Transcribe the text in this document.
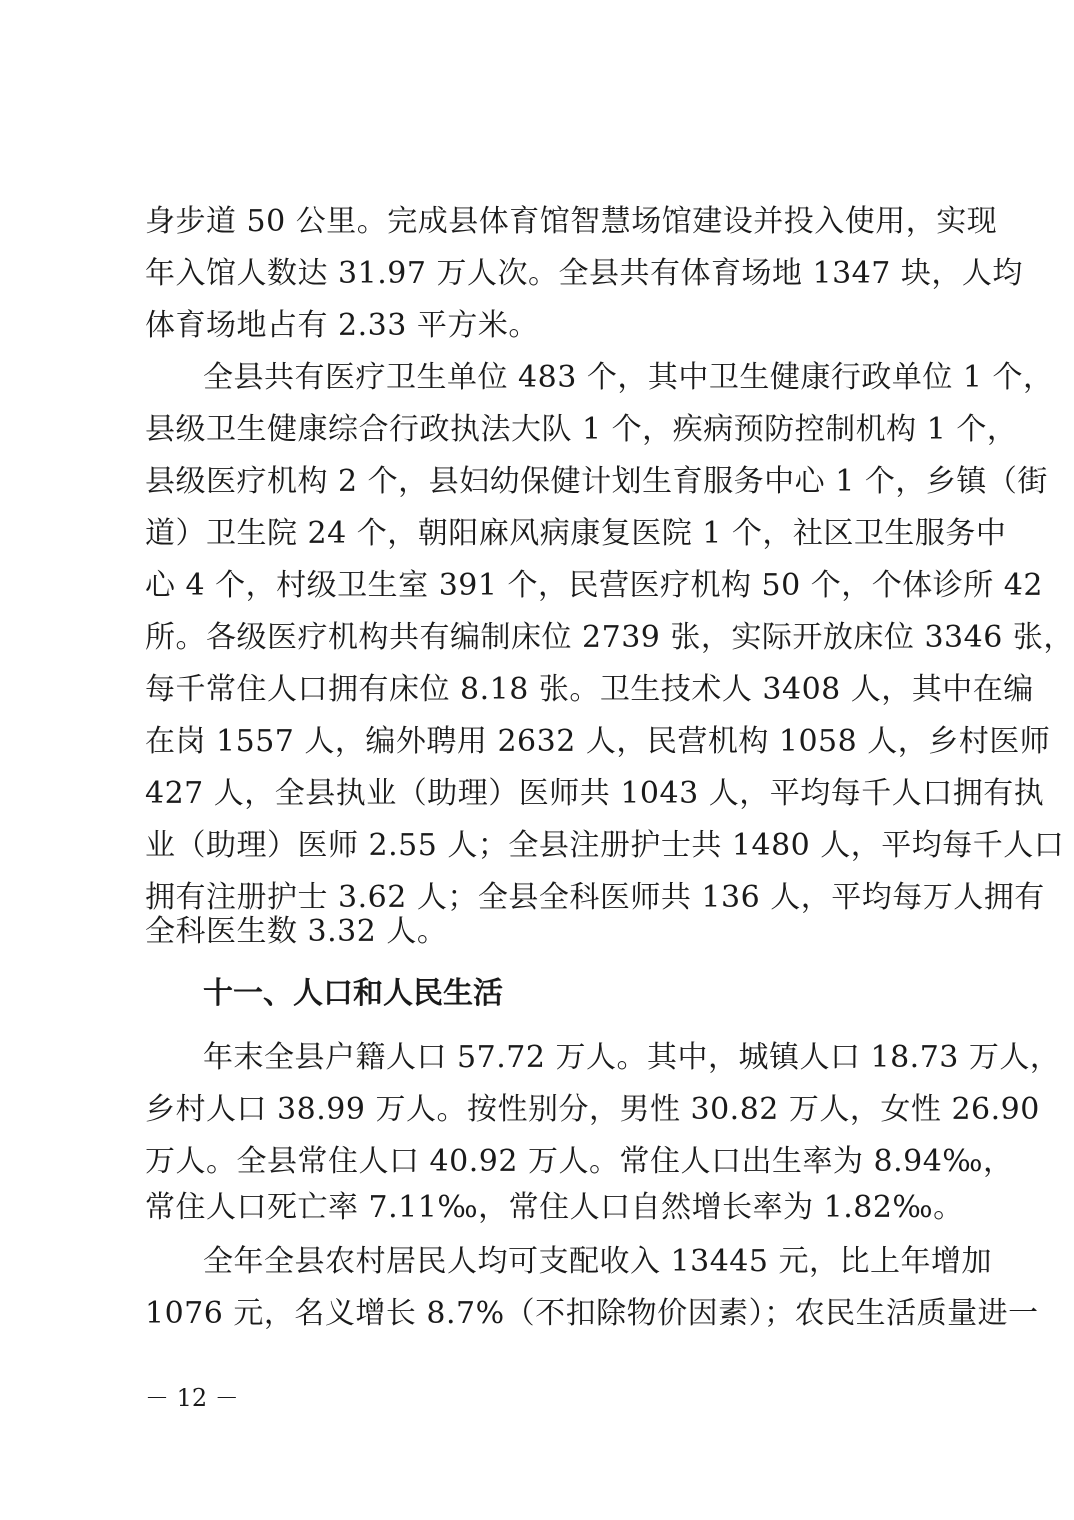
身步道 50 公里。完成县体育馆智慧场馆建设并投入使用，实现
年入馆人数达 31.97 万人次。全县共有体育场地 1347 块，人均
体育场地占有 2.33 平方米。
全县共有医疗卫生单位 483 个，其中卫生健康行政单位 1 个，
县级卫生健康综合行政执法大队 1 个，疾病预防控制机构 1 个，
县级医疗机构 2 个，县妇幼保健计划生育服务中心 1 个，乡镇（街
道）卫生院 24 个，朝阳麻风病康复医院 1 个，社区卫生服务中
心 4 个，村级卫生室 391 个，民营医疗机构 50 个，个体诊所 42
所。各级医疗机构共有编制床位 2739 张，实际开放床位 3346 张，
每千常住人口拥有床位 8.18 张。卫生技术人 3408 人，其中在编
在岗 1557 人，编外聘用 2632 人，民营机构 1058 人，乡村医师
427 人，全县执业（助理）医师共 1043 人，平均每千人口拥有执
业（助理）医师 2.55 人；全县注册护士共 1480 人，平均每千人口
拥有注册护士 3.62 人；全县全科医师共 136 人，平均每万人拥有
全科医生数 3.32 人。
十一、人口和人民生活
年末全县户籍人口 57.72 万人。其中，城镇人口 18.73 万人，
乡村人口 38.99 万人。按性别分，男性 30.82 万人，女性 26.90
万人。全县常住人口 40.92 万人。常住人口出生率为 8.94‰，
常住人口死亡率 7.11‰，常住人口自然增长率为 1.82‰。
全年全县农村居民人均可支配收入 13445 元，比上年增加
1076 元，名义增长 8.7%（不扣除物价因素）；农民生活质量进一
－ 12 －
